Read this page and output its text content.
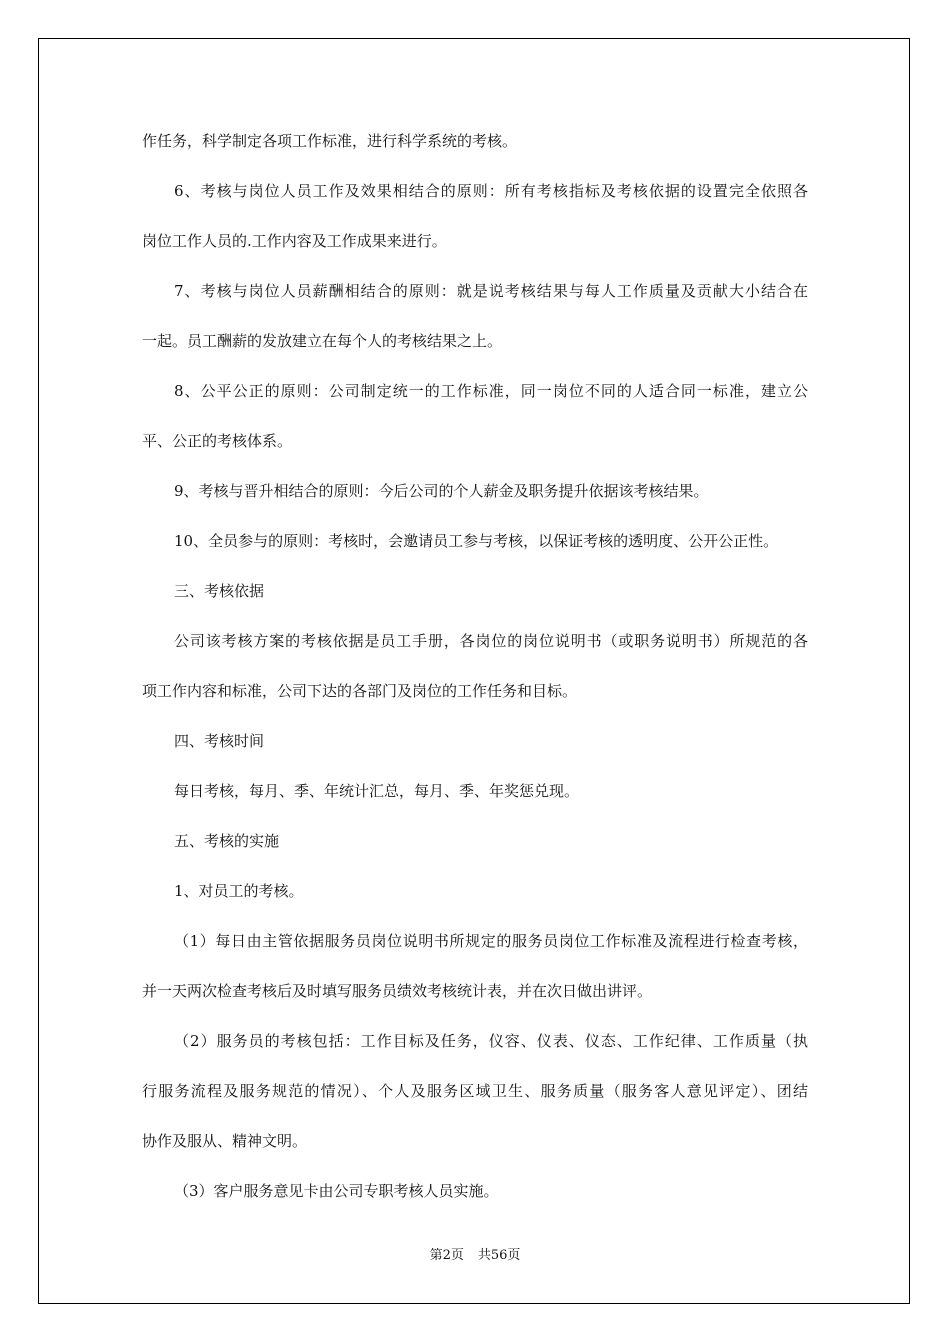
作任务，科学制定各项工作标准，进行科学系统的考核。
6、考核与岗位人员工作及效果相结合的原则：所有考核指标及考核依据的设置完全依照各
岗位工作人员的.工作内容及工作成果来进行。
7、考核与岗位人员薪酬相结合的原则：就是说考核结果与每人工作质量及贡献大小结合在
一起。员工酬薪的发放建立在每个人的考核结果之上。
8、公平公正的原则：公司制定统一的工作标准，同一岗位不同的人适合同一标准，建立公
平、公正的考核体系。
9、考核与晋升相结合的原则：今后公司的个人薪金及职务提升依据该考核结果。
10、全员参与的原则：考核时，会邀请员工参与考核，以保证考核的透明度、公开公正性。
三、考核依据
公司该考核方案的考核依据是员工手册，各岗位的岗位说明书（或职务说明书）所规范的各
项工作内容和标准，公司下达的各部门及岗位的工作任务和目标。
四、考核时间
每日考核，每月、季、年统计汇总，每月、季、年奖惩兑现。
五、考核的实施
1、对员工的考核。
（1）每日由主管依据服务员岗位说明书所规定的服务员岗位工作标准及流程进行检查考核，
并一天两次检查考核后及时填写服务员绩效考核统计表，并在次日做出讲评。
（2）服务员的考核包括：工作目标及任务，仪容、仪表、仪态、工作纪律、工作质量（执
行服务流程及服务规范的情况）、个人及服务区域卫生、服务质量（服务客人意见评定）、团结
协作及服从、精神文明。
（3）客户服务意见卡由公司专职考核人员实施。
第2页 共56页
